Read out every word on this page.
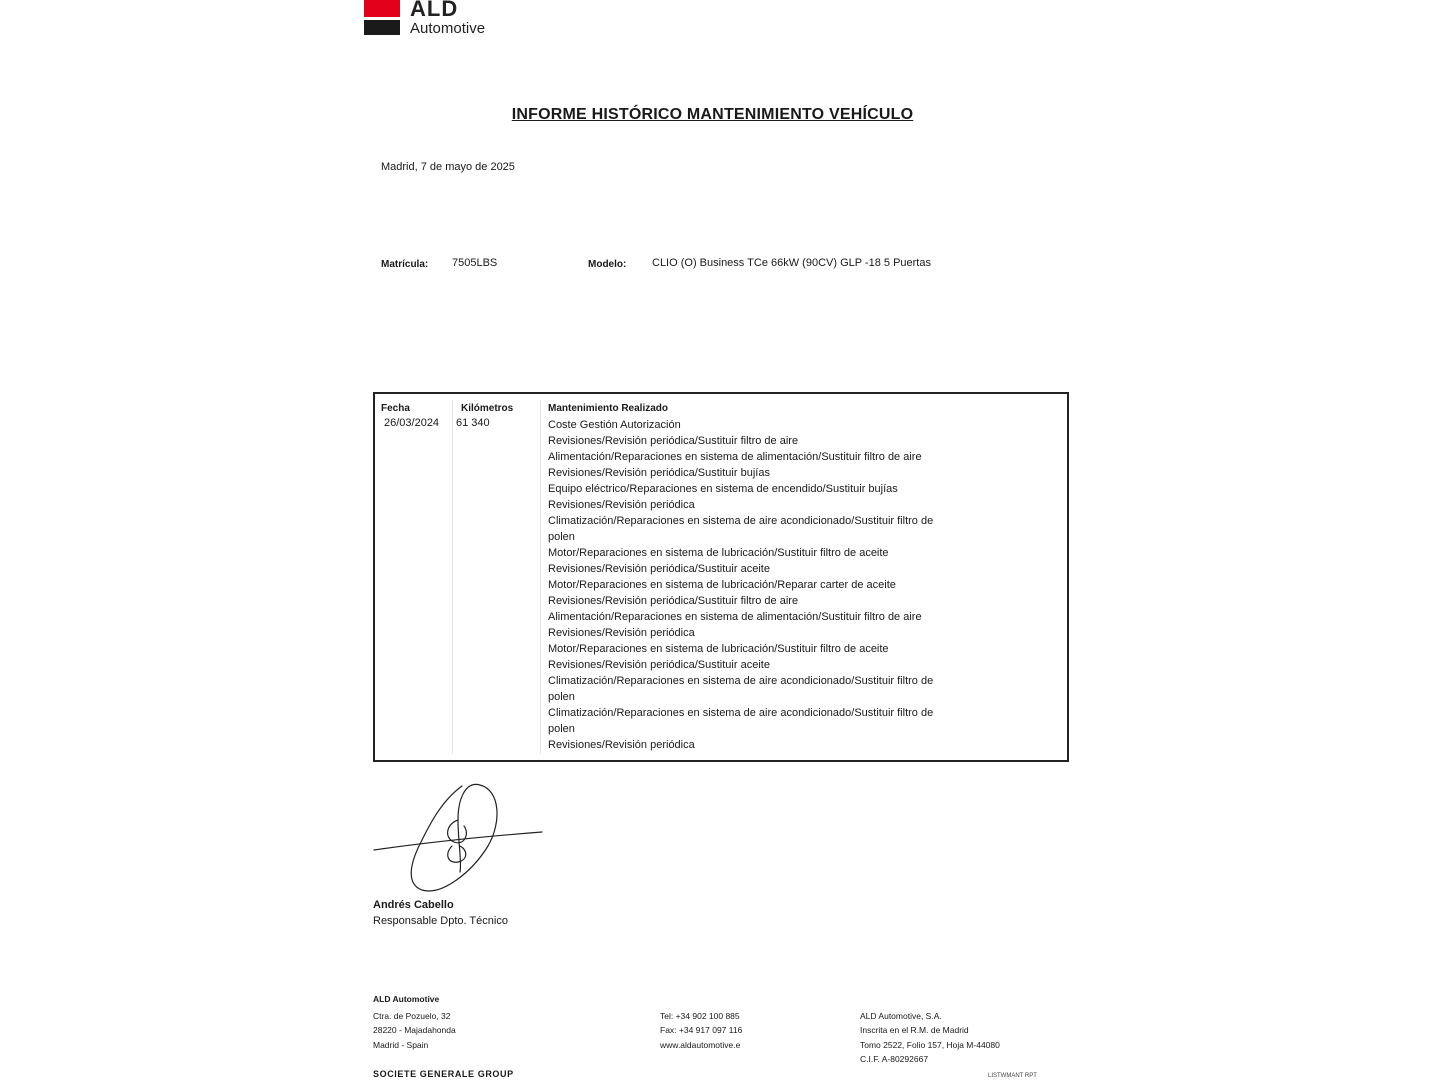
ALD
Automotive
INFORME HISTÓRICO MANTENIMIENTO VEHÍCULO
Madrid, 7 de mayo de 2025
Matrícula: 7505LBS	Modelo: CLIO (O) Business TCe 66kW (90CV) GLP -18 5 Puertas
Fecha	Kilómetros	Mantenimiento Realizado
26/03/2024 61 340	Coste Gestión Autorización
Revisiones/Revisión periódica/Sustituir filtro de aire
Alimentación/Reparaciones en sistema de alimentación/Sustituir filtro de aire
Revisiones/Revisión periódica/Sustituir bujías
Equipo eléctrico/Reparaciones en sistema de encendido/Sustituir bujías
Revisiones/Revisión periódica
Climatización/Reparaciones en sistema de aire acondicionado/Sustituir filtro de
polen
Motor/Reparaciones en sistema de lubricación/Sustituir filtro de aceite
Revisiones/Revisión periódica/Sustituir aceite
Motor/Reparaciones en sistema de lubricación/Reparar carter de aceite
Revisiones/Revisión periódica/Sustituir filtro de aire
Alimentación/Reparaciones en sistema de alimentación/Sustituir filtro de aire
Revisiones/Revisión periódica
Motor/Reparaciones en sistema de lubricación/Sustituir filtro de aceite
Revisiones/Revisión periódica/Sustituir aceite
Climatización/Reparaciones en sistema de aire acondicionado/Sustituir filtro de
polen
Climatización/Reparaciones en sistema de aire acondicionado/Sustituir filtro de
polen
Revisiones/Revisión periódica
Andrés Cabello
Responsable Dpto. Técnico
ALD Automotive
Ctra. de Pozuelo, 32
28220 - Majadahonda
Madrid - Spain
Tel: +34 902 100 885
Fax: +34 917 097 116
www.aldautomotive.e
ALD Automotive, S.A.
Inscrita en el R.M. de Madrid
Tomo 2522, Folio 157, Hoja M-44080
C.I.F. A-80292667
SOCIETE GENERALE GROUP	LISTWMANT RPT
